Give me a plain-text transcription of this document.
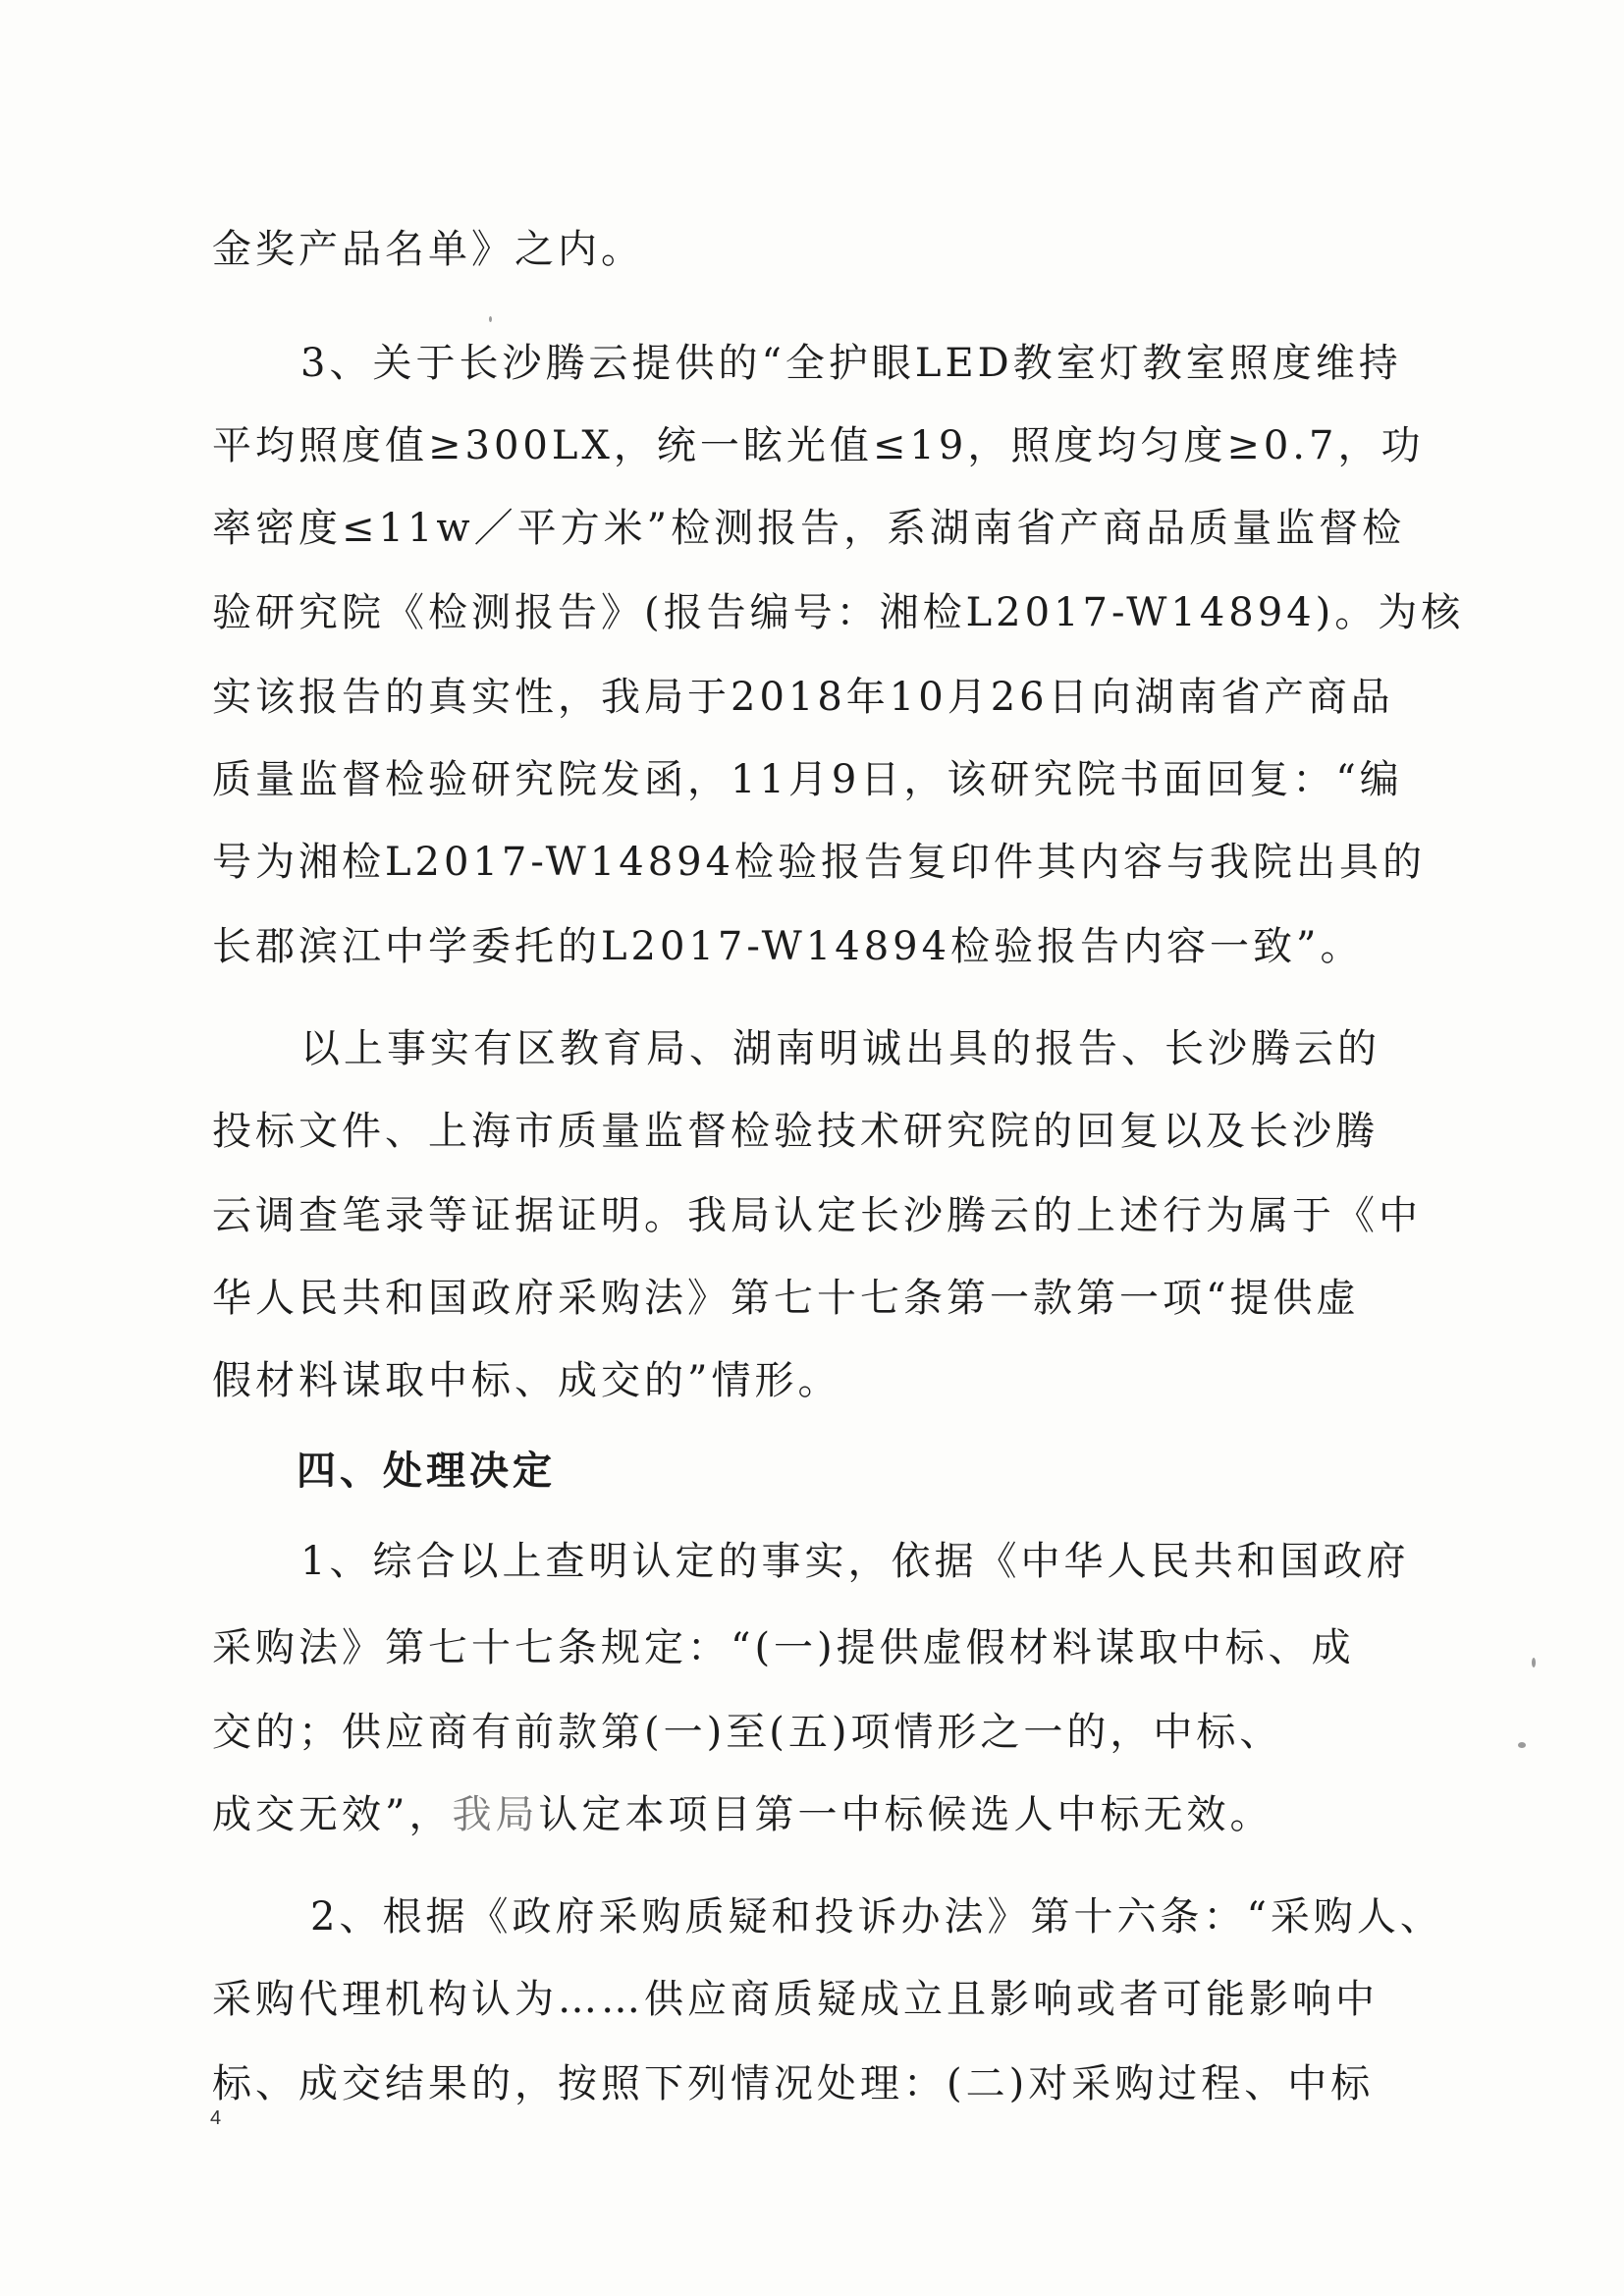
金奖产品名单》之内。
3、关于长沙腾云提供的“全护眼LED教室灯教室照度维持
平均照度值≥300LX，统一眩光值≤19，照度均匀度≥0.7，功
率密度≤11w／平方米”检测报告，系湖南省产商品质量监督检
验研究院《检测报告》(报告编号：湘检L2017-W14894)。为核
实该报告的真实性，我局于2018年10月26日向湖南省产商品
质量监督检验研究院发函，11月9日，该研究院书面回复：“编
号为湘检L2017-W14894检验报告复印件其内容与我院出具的
长郡滨江中学委托的L2017-W14894检验报告内容一致”。
以上事实有区教育局、湖南明诚出具的报告、长沙腾云的
投标文件、上海市质量监督检验技术研究院的回复以及长沙腾
云调查笔录等证据证明。我局认定长沙腾云的上述行为属于《中
华人民共和国政府采购法》第七十七条第一款第一项“提供虚
假材料谋取中标、成交的”情形。
四、处理决定
1、综合以上查明认定的事实，依据《中华人民共和国政府
采购法》第七十七条规定：“(一)提供虚假材料谋取中标、成
交的；供应商有前款第(一)至(五)项情形之一的，中标、
成交无效”，我局认定本项目第一中标候选人中标无效。
2、根据《政府采购质疑和投诉办法》第十六条：“采购人、
采购代理机构认为……供应商质疑成立且影响或者可能影响中
标、成交结果的，按照下列情况处理：(二)对采购过程、中标
4
